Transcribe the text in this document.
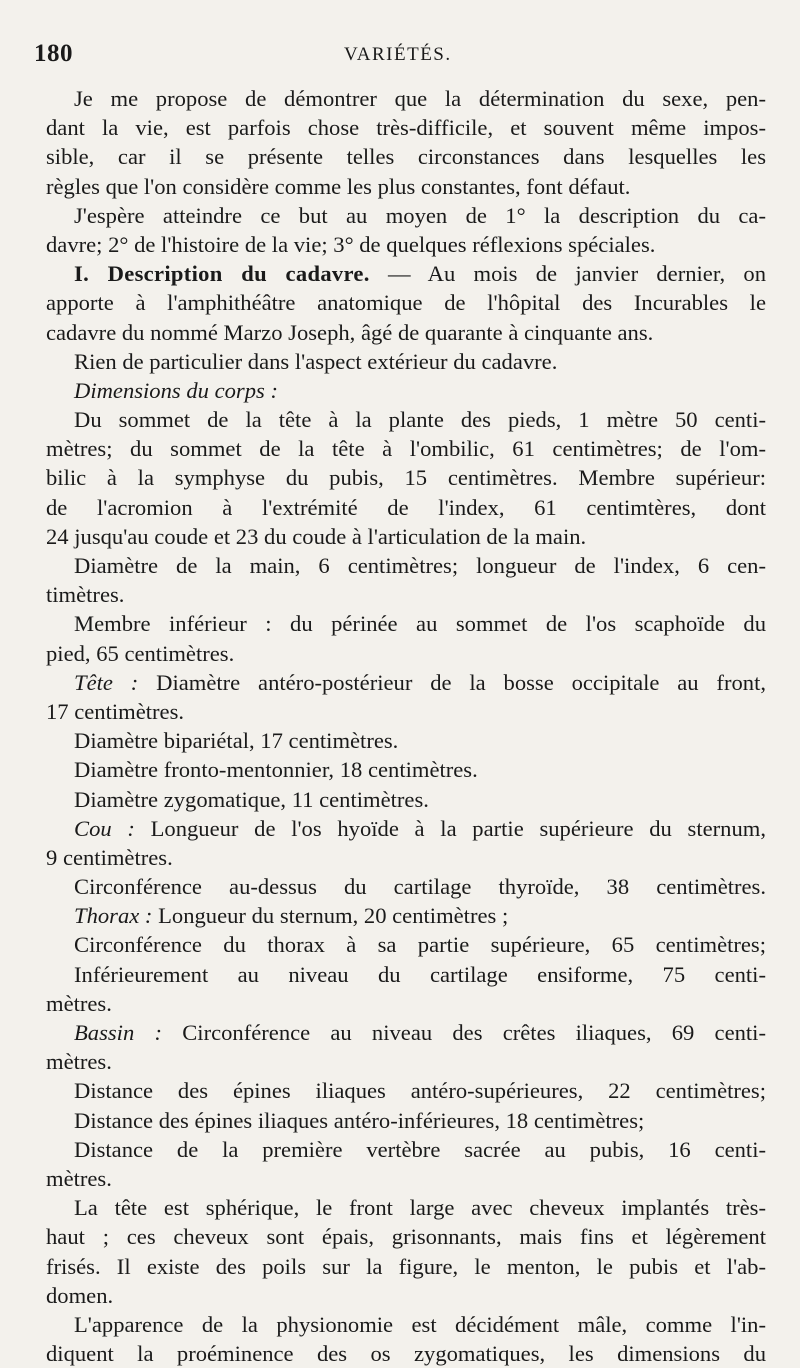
180	VARIÉTÉS.
Je me propose de démontrer que la détermination du sexe, pen-
dant la vie, est parfois chose très-difficile, et souvent même impos-
sible, car il se présente telles circonstances dans lesquelles les
règles que l'on considère comme les plus constantes, font défaut.
J'espère atteindre ce but au moyen de 1° la description du ca-
davre; 2° de l'histoire de la vie; 3° de quelques réflexions spéciales.
I. Description du cadavre. — Au mois de janvier dernier, on
apporte à l'amphithéâtre anatomique de l'hôpital des Incurables le
cadavre du nommé Marzo Joseph, âgé de quarante à cinquante ans.
Rien de particulier dans l'aspect extérieur du cadavre.
Dimensions du corps :
Du sommet de la tête à la plante des pieds, 1 mètre 50 centi-
mètres; du sommet de la tête à l'ombilic, 61 centimètres; de l'om-
bilic à la symphyse du pubis, 15 centimètres. Membre supérieur:
de l'acromion à l'extrémité de l'index, 61 centimtères, dont
24 jusqu'au coude et 23 du coude à l'articulation de la main.
Diamètre de la main, 6 centimètres; longueur de l'index, 6 cen-
timètres.
Membre inférieur : du périnée au sommet de l'os scaphoïde du
pied, 65 centimètres.
Tête : Diamètre antéro-postérieur de la bosse occipitale au front,
17 centimètres.
Diamètre bipariétal, 17 centimètres.
Diamètre fronto-mentonnier, 18 centimètres.
Diamètre zygomatique, 11 centimètres.
Cou : Longueur de l'os hyoïde à la partie supérieure du sternum,
9 centimètres.
Circonférence au-dessus du cartilage thyroïde, 38 centimètres.
Thorax : Longueur du sternum, 20 centimètres ;
Circonférence du thorax à sa partie supérieure, 65 centimètres;
Inférieurement au niveau du cartilage ensiforme, 75 centi-
mètres.
Bassin : Circonférence au niveau des crêtes iliaques, 69 centi-
mètres.
Distance des épines iliaques antéro-supérieures, 22 centimètres;
Distance des épines iliaques antéro-inférieures, 18 centimètres;
Distance de la première vertèbre sacrée au pubis, 16 centi-
mètres.
La tête est sphérique, le front large avec cheveux implantés très-
haut ; ces cheveux sont épais, grisonnants, mais fins et légèrement
frisés. Il existe des poils sur la figure, le menton, le pubis et l'ab-
domen.
L'apparence de la physionomie est décidément mâle, comme l'in-
diquent la proéminence des os zygomatiques, les dimensions du
